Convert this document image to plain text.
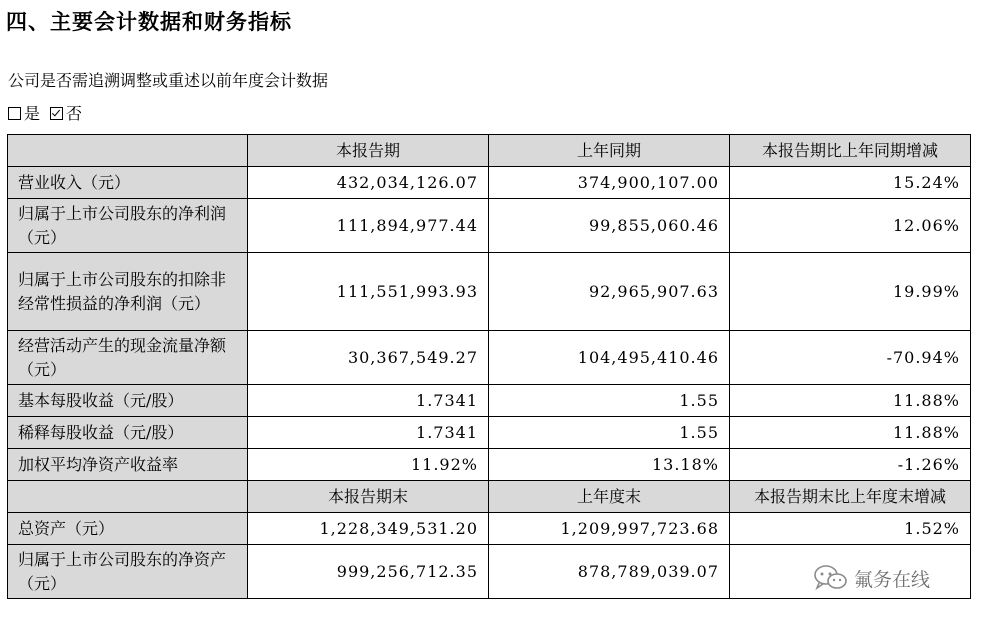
四、主要会计数据和财务指标
公司是否需追溯调整或重述以前年度会计数据
是 否
	本报告期	上年同期	本报告期比上年同期增减
营业收入（元）	432,034,126.07	374,900,107.00	15.24%
归属于上市公司股东的净利润（元）	111,894,977.44	99,855,060.46	12.06%
归属于上市公司股东的扣除非经常性损益的净利润（元）	111,551,993.93	92,965,907.63	19.99%
经营活动产生的现金流量净额（元）	30,367,549.27	104,495,410.46	-70.94%
基本每股收益（元/股）	1.7341	1.55	11.88%
稀释每股收益（元/股）	1.7341	1.55	11.88%
加权平均净资产收益率	11.92%	13.18%	-1.26%
	本报告期末	上年度末	本报告期末比上年度末增减
总资产（元）	1,228,349,531.20	1,209,997,723.68	1.52%
归属于上市公司股东的净资产（元）	999,256,712.35	878,789,039.07		氟务在线
